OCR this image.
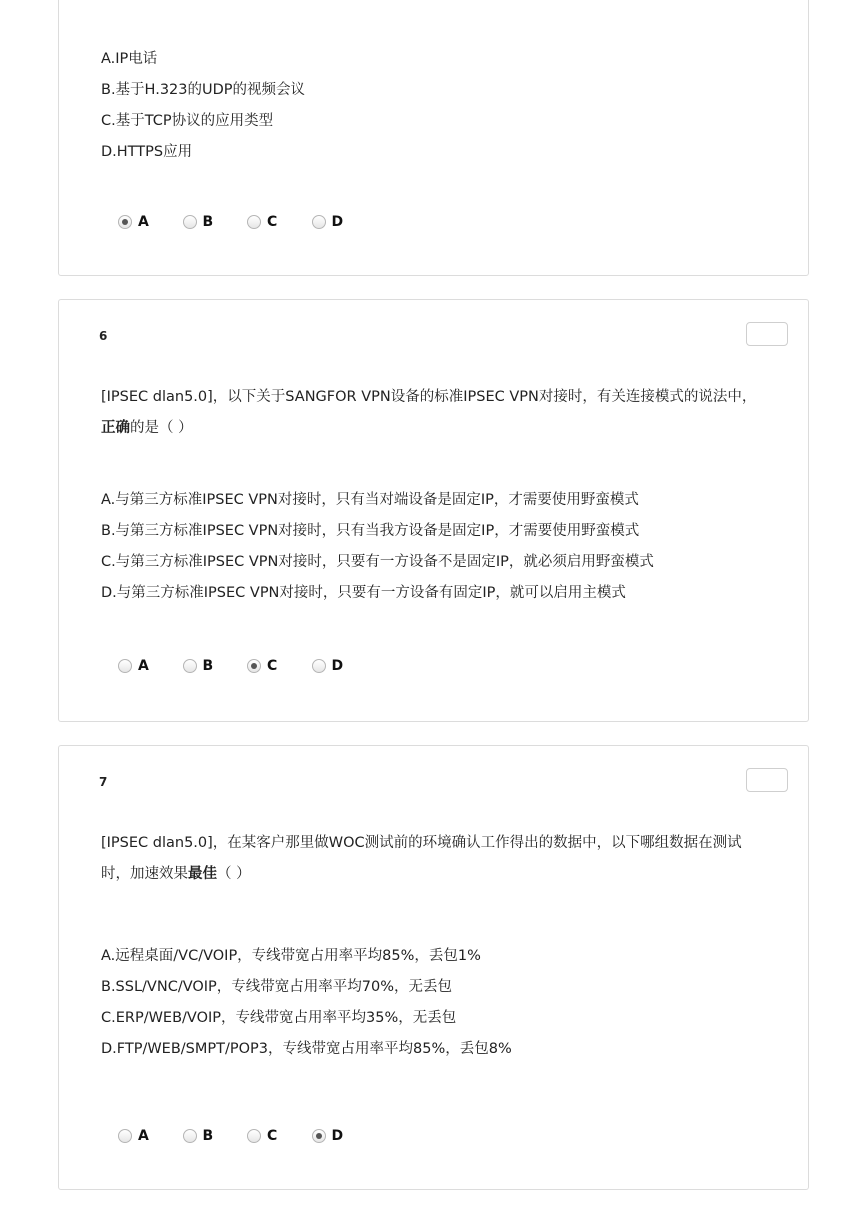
A.IP电话
B.基于H.323的UDP的视频会议
C.基于TCP协议的应用类型
D.HTTPS应用
A	B	C	D
6
[IPSEC dlan5.0]，以下关于SANGFOR VPN设备的标准IPSEC VPN对接时，有关连接模式的说法中，正确的是（ ）
A.与第三方标准IPSEC VPN对接时，只有当对端设备是固定IP，才需要使用野蛮模式
B.与第三方标准IPSEC VPN对接时，只有当我方设备是固定IP，才需要使用野蛮模式
C.与第三方标准IPSEC VPN对接时，只要有一方设备不是固定IP，就必须启用野蛮模式
D.与第三方标准IPSEC VPN对接时，只要有一方设备有固定IP，就可以启用主模式
A	B	C	D
7
[IPSEC dlan5.0]，在某客户那里做WOC测试前的环境确认工作得出的数据中，以下哪组数据在测试时，加速效果最佳（ ）
A.远程桌面/VC/VOIP，专线带宽占用率平均85%，丢包1%
B.SSL/VNC/VOIP，专线带宽占用率平均70%，无丢包
C.ERP/WEB/VOIP，专线带宽占用率平均35%，无丢包
D.FTP/WEB/SMPT/POP3，专线带宽占用率平均85%，丢包8%
A	B	C	D
